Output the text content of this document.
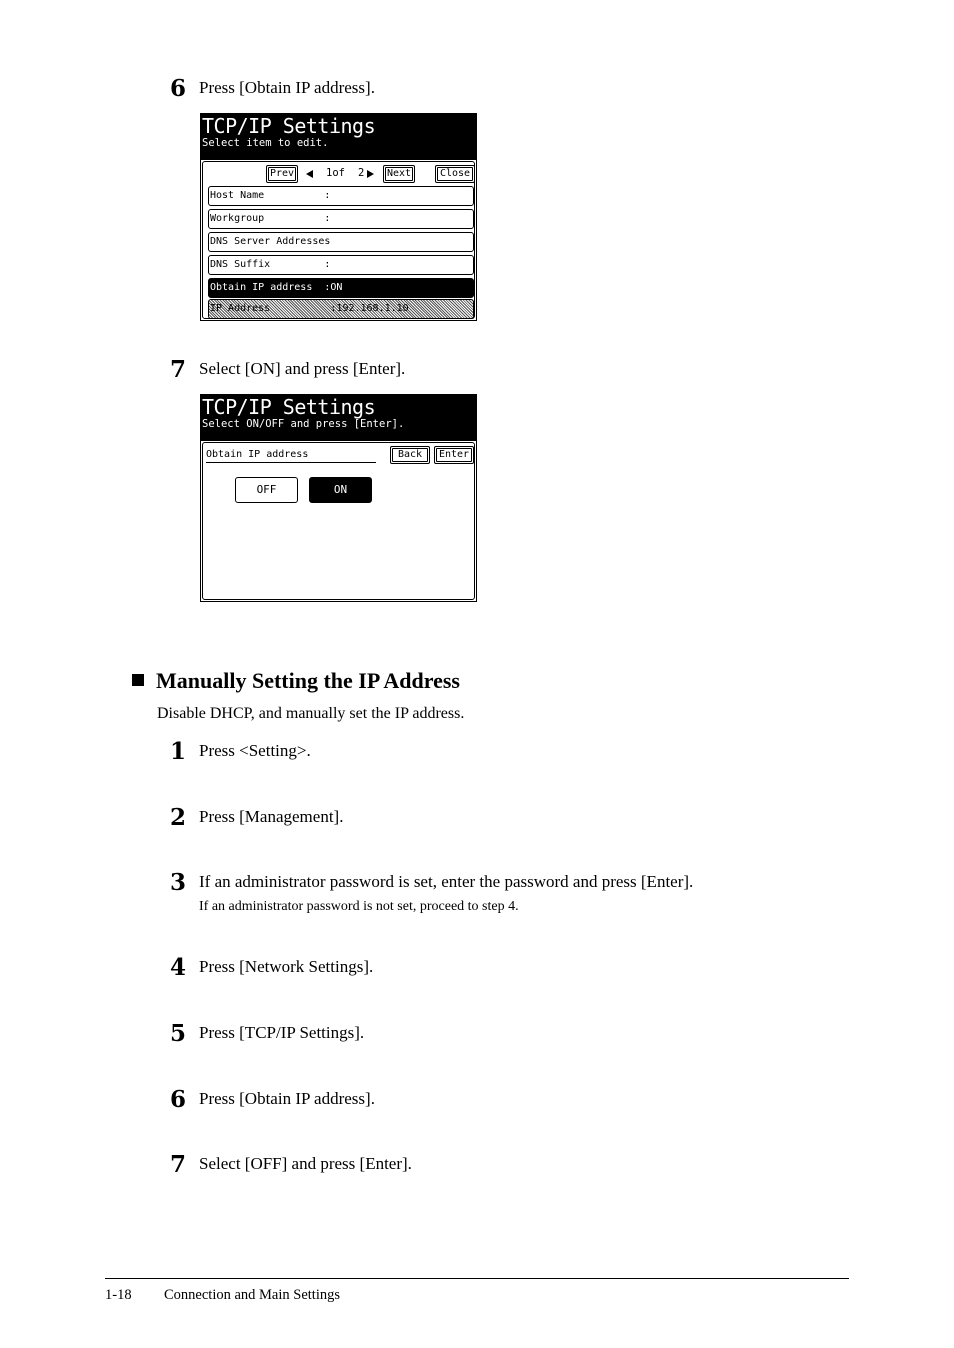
6 Press [Obtain IP address].
TCP/IP Settings
Select item to edit.
Prev	1of 2	Next	Close
Host Name          :
Workgroup          :
DNS Server Addresses
DNS Suffix         :
Obtain IP address  :ON
IP Address          :192.168.1.10
7 Select [ON] and press [Enter].
TCP/IP Settings
Select ON/OFF and press [Enter].
Obtain IP address	Back	Enter
OFF	ON
Manually Setting the IP Address
Disable DHCP, and manually set the IP address.
1 Press <Setting>.
2 Press [Management].
3 If an administrator password is set, enter the password and press [Enter].
If an administrator password is not set, proceed to step 4.
4 Press [Network Settings].
5 Press [TCP/IP Settings].
6 Press [Obtain IP address].
7 Select [OFF] and press [Enter].
1-18 Connection and Main Settings
